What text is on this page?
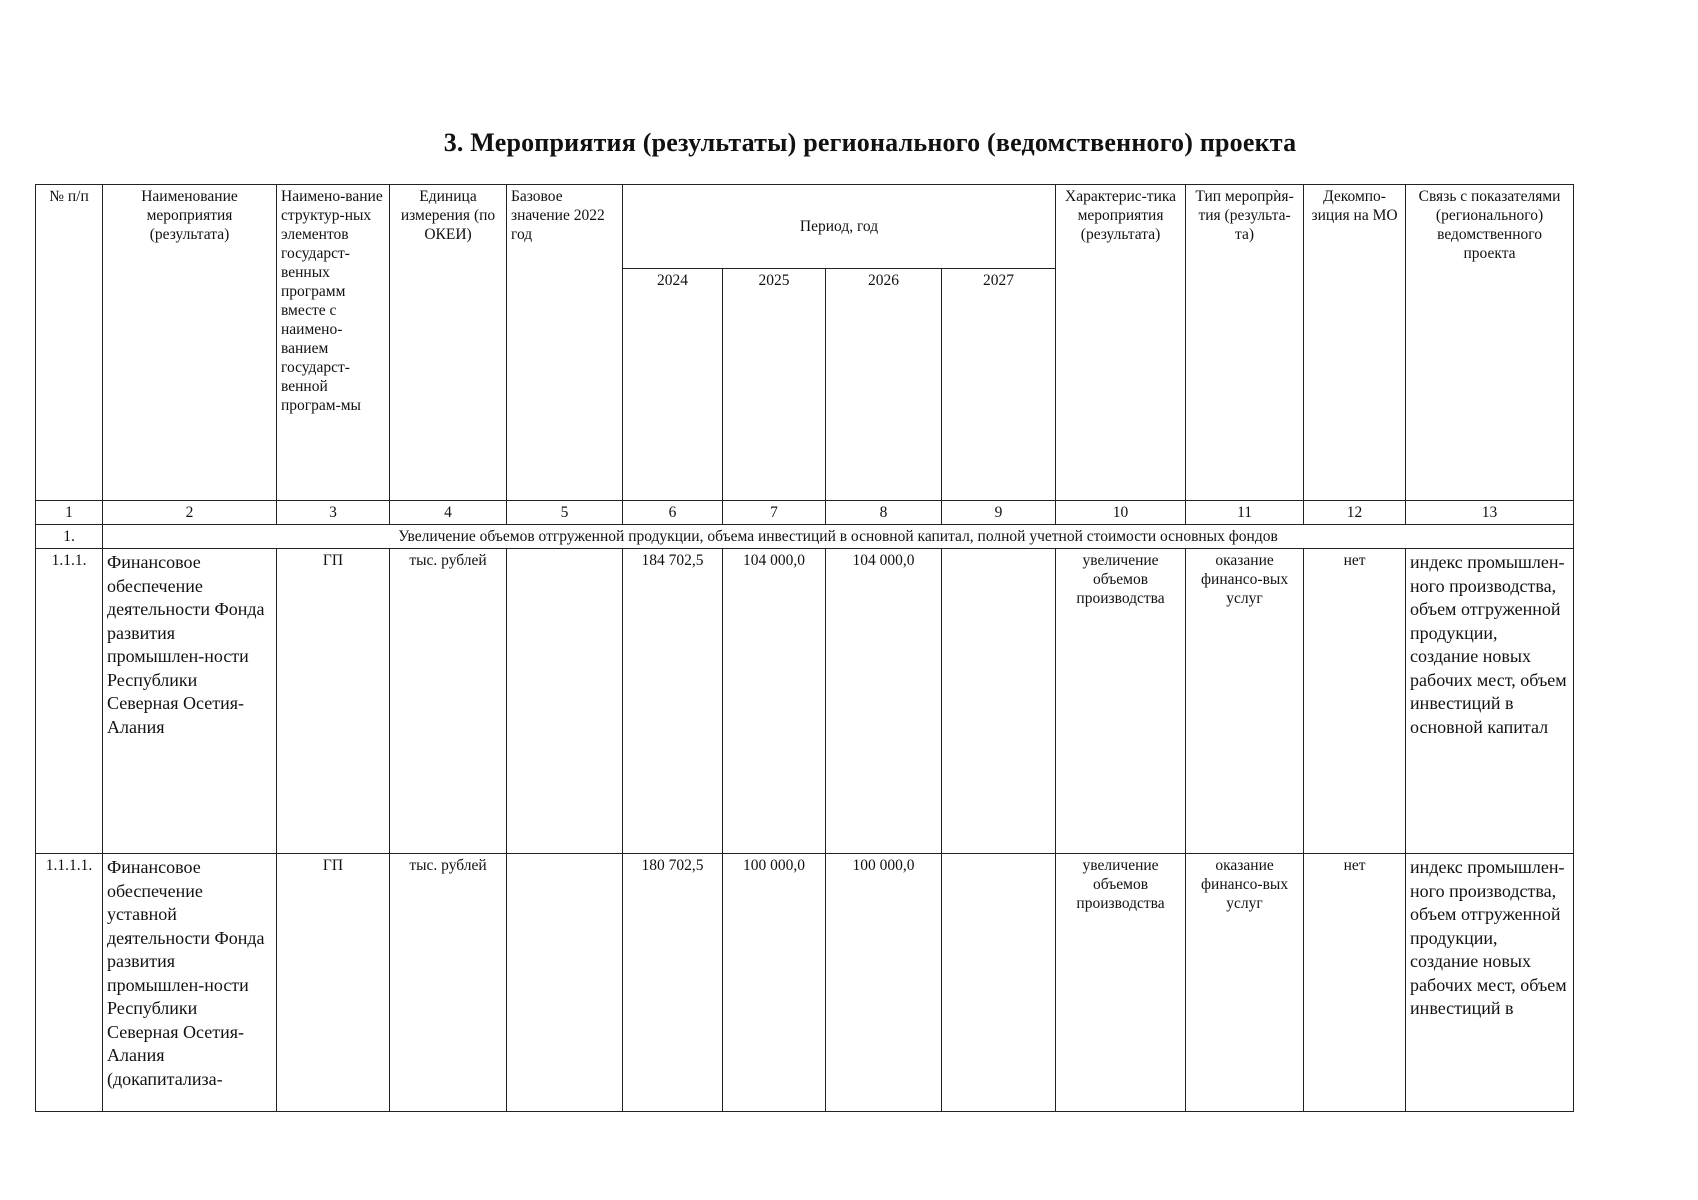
3. Мероприятия (результаты) регионального (ведомственного) проекта
№ п/п	Наименование мероприятия (результата)	Наимено-вание структур-ных элементов государст-венных программ вместе с наимено-ванием государст-венной програм-мы	Единица измерения (по ОКЕИ)	Базовое значение 2022 год	Период, год				Характерис-тика мероприятия (результата)	Тип меропрѝя-тия (результа-та)	Декомпо-зиция на МО	Связь с показателями (регионального) ведомственного проекта
					2024	2025	2026	2027				
1	2	3	4	5	6	7	8	9	10	11	12	13
1.	Увеличение объемов отгруженной продукции, объема инвестиций в основной капитал, полной учетной стоимости основных фондов											
1.1.1.	Финансовое обеспечение деятельности Фонда развития промышлен-ности Республики Северная Осетия-Алания	ГП	тыс. рублей		184 702,5	104 000,0	104 000,0		увеличение объемов производства	оказание финансо-вых услуг	нет	индекс промышлен-ного производства, объем отгруженной продукции, создание новых рабочих мест, объем инвестиций в основной капитал
1.1.1.1.	Финансовое обеспечение уставной деятельности Фонда развития промышлен-ности Республики Северная Осетия-Алания (докапитализа-	ГП	тыс. рублей		180 702,5	100 000,0	100 000,0		увеличение объемов производства	оказание финансо-вых услуг	нет	индекс промышлен-ного производства, объем отгруженной продукции, создание новых рабочих мест, объем инвестиций в
